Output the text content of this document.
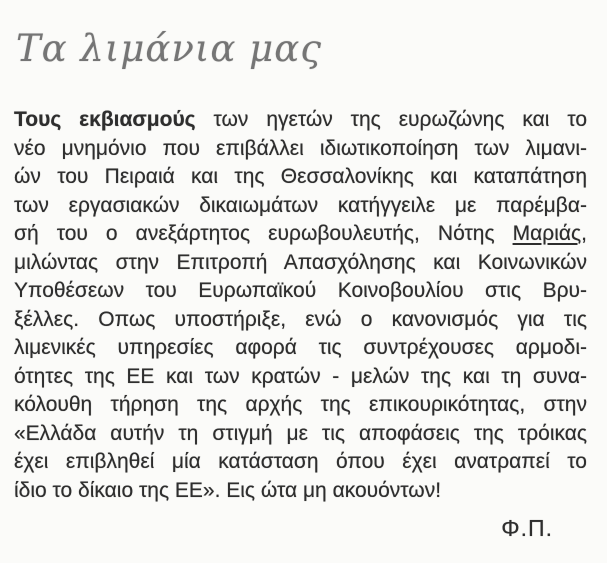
Τα λιμάνια μας
Τους εκβιασμούς των ηγετών της ευρωζώνης και το
νέο μνημόνιο που επιβάλλει ιδιωτικοποίηση των λιμανι-
ών του Πειραιά και της Θεσσαλονίκης και καταπάτηση
των εργασιακών δικαιωμάτων κατήγγειλε με παρέμβα-
σή του ο ανεξάρτητος ευρωβουλευτής, Νότης Μαριάς,
μιλώντας στην Επιτροπή Απασχόλησης και Κοινωνικών
Υποθέσεων του Ευρωπαϊκού Κοινοβουλίου στις Βρυ-
ξέλλες. Οπως υποστήριξε, ενώ ο κανονισμός για τις
λιμενικές υπηρεσίες αφορά τις συντρέχουσες αρμοδι-
ότητες της ΕΕ και των κρατών - μελών της και τη συνα-
κόλουθη τήρηση της αρχής της επικουρικότητας, στην
«Ελλάδα αυτήν τη στιγμή με τις αποφάσεις της τρόικας
έχει επιβληθεί μία κατάσταση όπου έχει ανατραπεί το
ίδιο το δίκαιο της ΕΕ». Εις ώτα μη ακουόντων!
Φ.Π.
